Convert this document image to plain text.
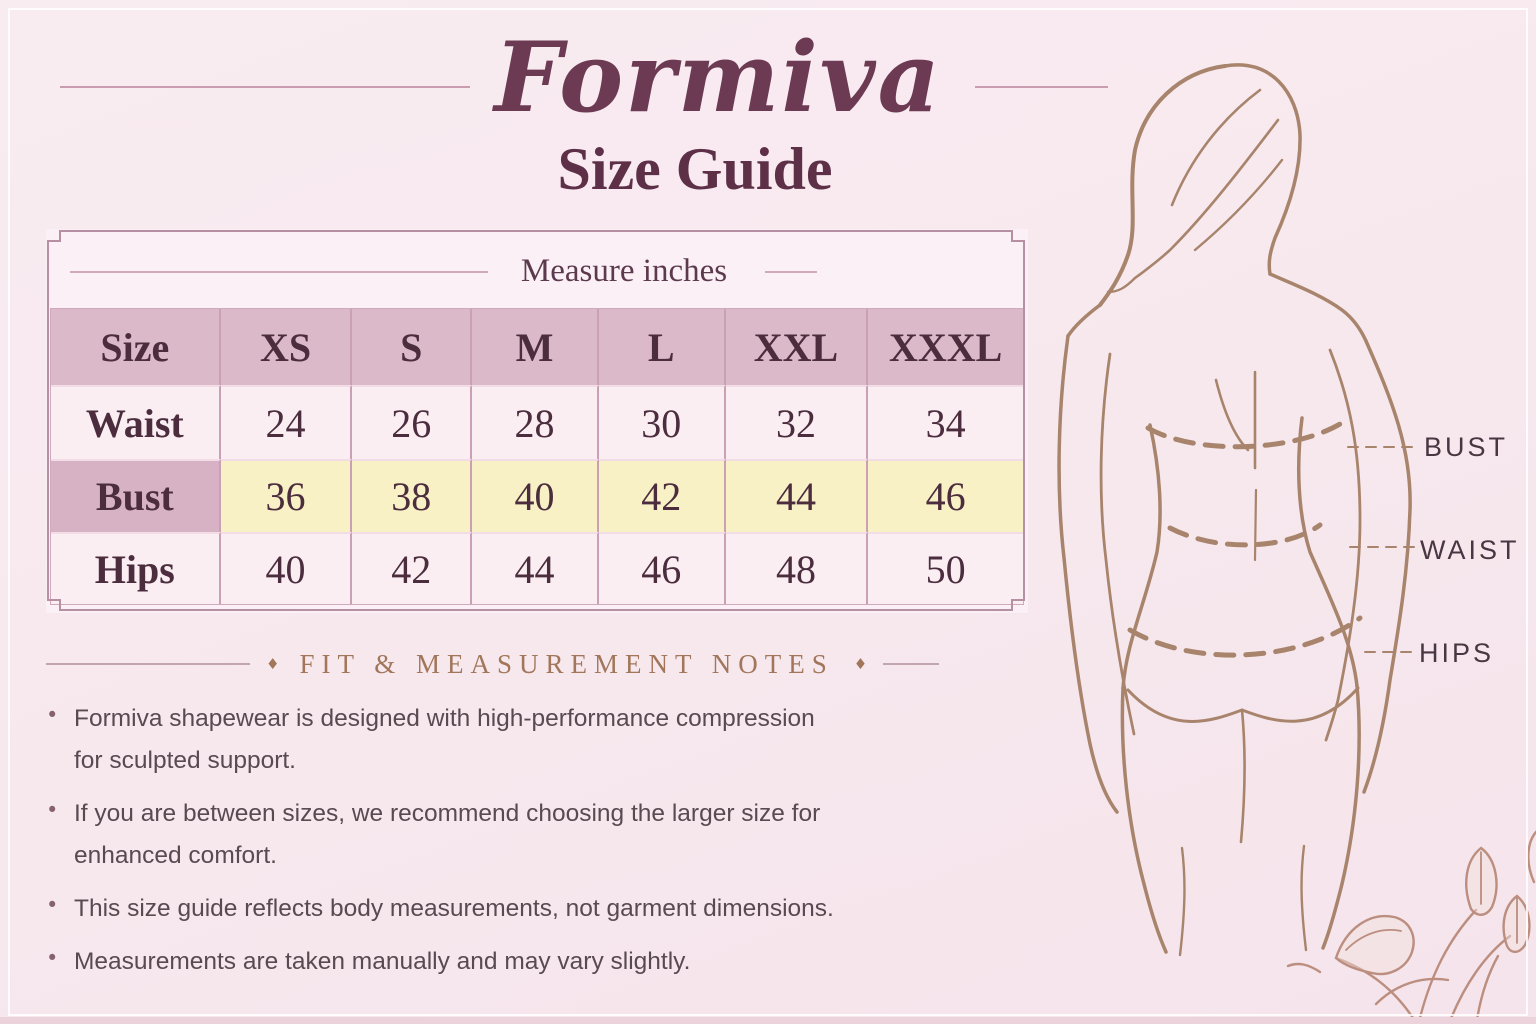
Formiva
Size Guide
Measure inches
Size	XS	S	M	L	XXL	XXXL
Waist	24	26	28	30	32	34
Bust	36	38	40	42	44	46
Hips	40	42	44	46	48	50
♦ FIT & MEASUREMENT NOTES ♦
• Formiva shapewear is designed with high-performance compression
for sculpted support.
• If you are between sizes, we recommend choosing the larger size for
enhanced comfort.
• This size guide reflects body measurements, not garment dimensions.
• Measurements are taken manually and may vary slightly.
BUST
WAIST
HIPS
